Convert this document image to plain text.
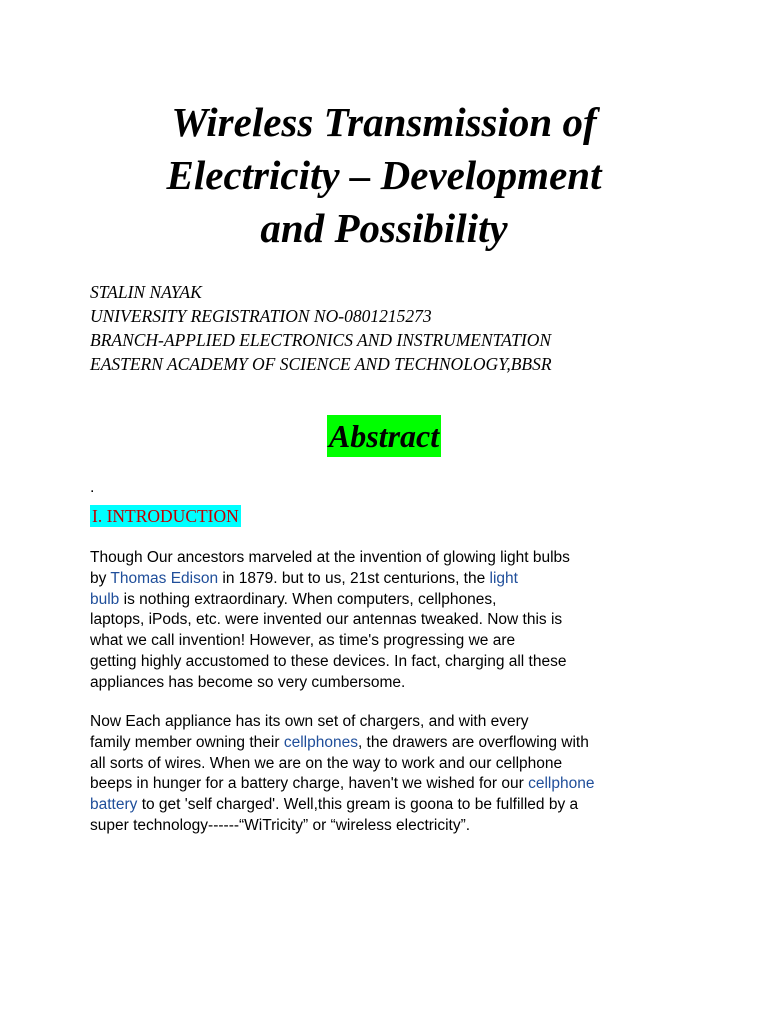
Wireless Transmission of
Electricity – Development
and Possibility
STALIN NAYAK
UNIVERSITY REGISTRATION NO-0801215273
BRANCH-APPLIED ELECTRONICS AND INSTRUMENTATION
EASTERN ACADEMY OF SCIENCE AND TECHNOLOGY,BBSR
Abstract
.
I. INTRODUCTION
Though Our ancestors marveled at the invention of glowing light bulbs
by Thomas Edison in 1879. but to us, 21st centurions, the light
bulb is nothing extraordinary. When computers, cellphones,
laptops, iPods, etc. were invented our antennas tweaked. Now this is
what we call invention! However, as time's progressing we are
getting highly accustomed to these devices. In fact, charging all these
appliances has become so very cumbersome.
Now Each appliance has its own set of chargers, and with every
family member owning their cellphones, the drawers are overflowing with
all sorts of wires. When we are on the way to work and our cellphone
beeps in hunger for a battery charge, haven't we wished for our cellphone
battery to get 'self charged'. Well,this gream is goona to be fulfilled by a
super technology------“WiTricity” or “wireless electricity”.
